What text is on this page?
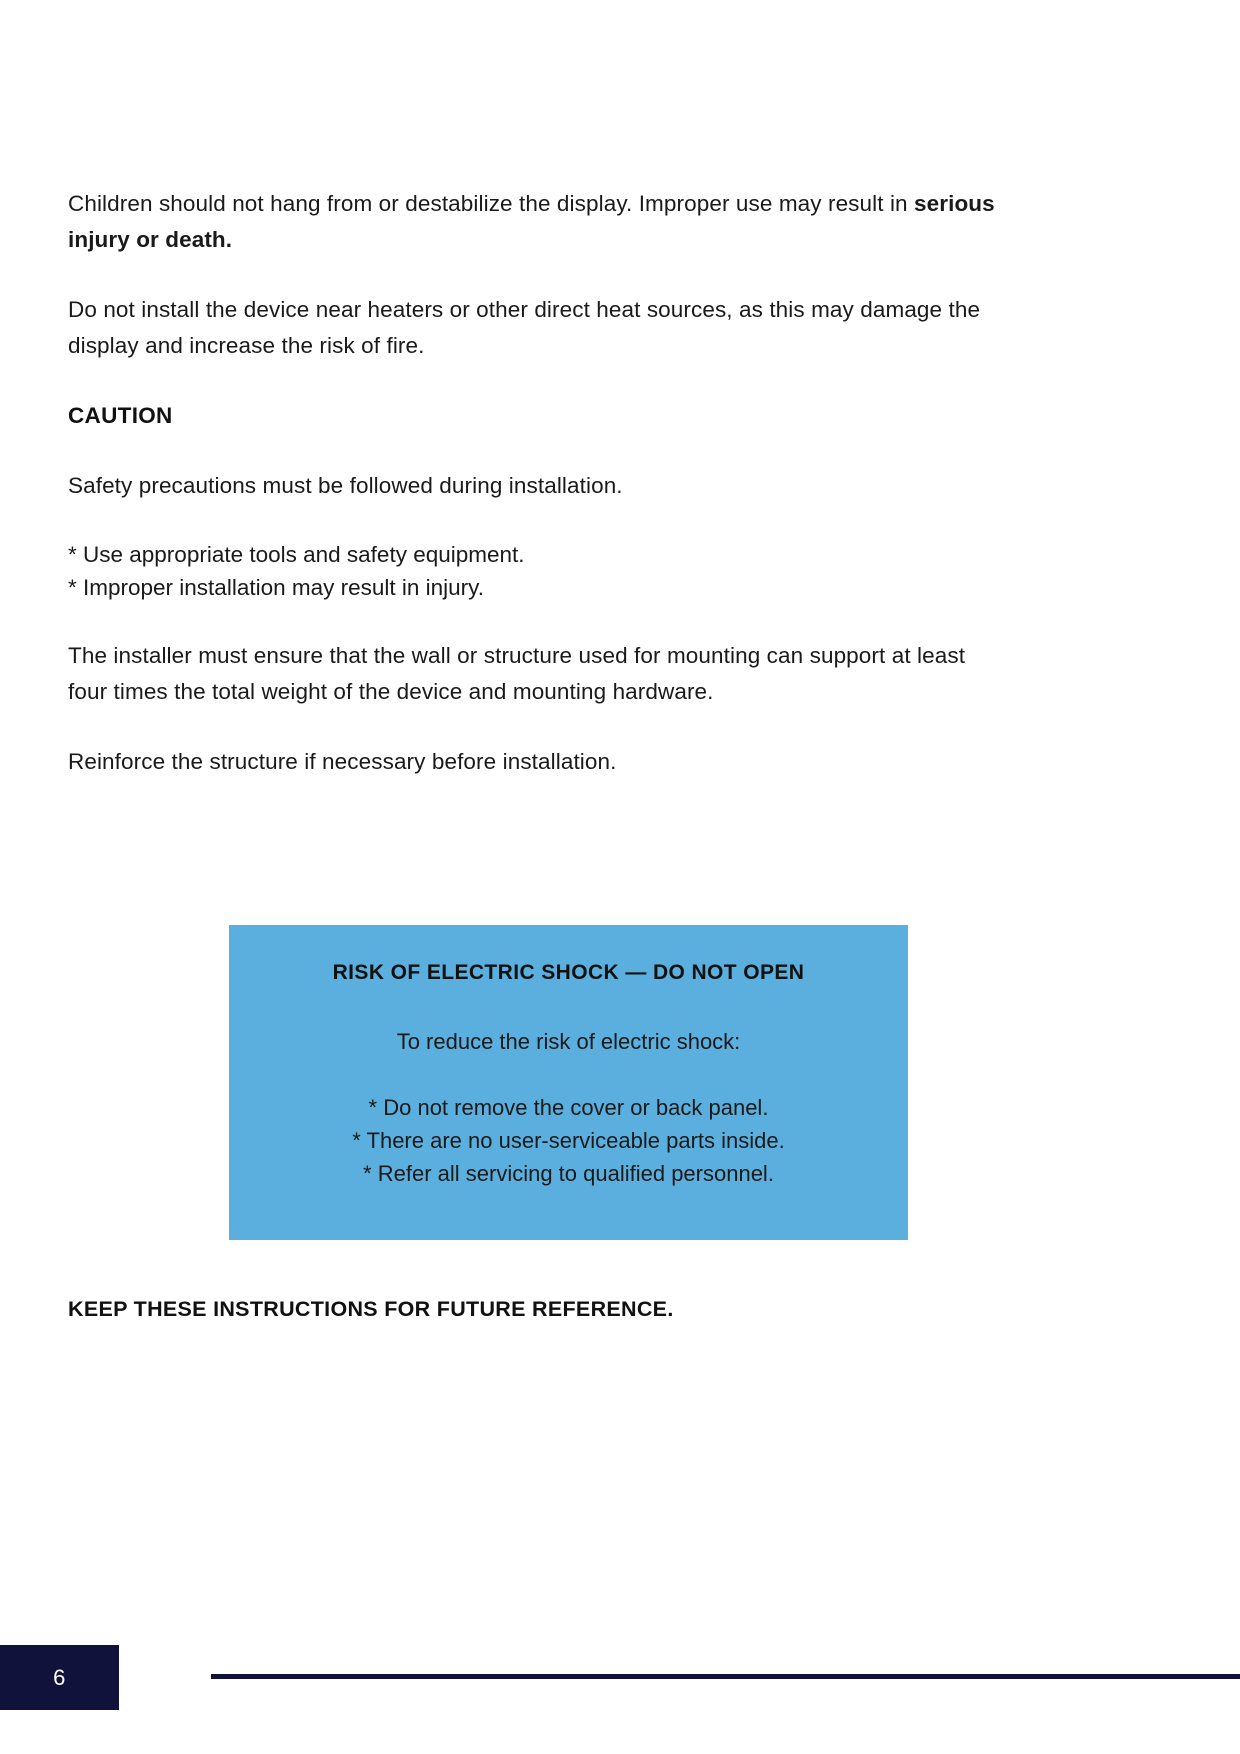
Children should not hang from or destabilize the display. Improper use may result in serious injury or death.

Do not install the device near heaters or other direct heat sources, as this may damage the display and increase the risk of fire.

CAUTION

Safety precautions must be followed during installation.

* Use appropriate tools and safety equipment.
* Improper installation may result in injury.

The installer must ensure that the wall or structure used for mounting can support at least four times the total weight of the device and mounting hardware.

Reinforce the structure if necessary before installation.

RISK OF ELECTRIC SHOCK — DO NOT OPEN
To reduce the risk of electric shock:
* Do not remove the cover or back panel.
* There are no user-serviceable parts inside.
* Refer all servicing to qualified personnel.
KEEP THESE INSTRUCTIONS FOR FUTURE REFERENCE.
6
